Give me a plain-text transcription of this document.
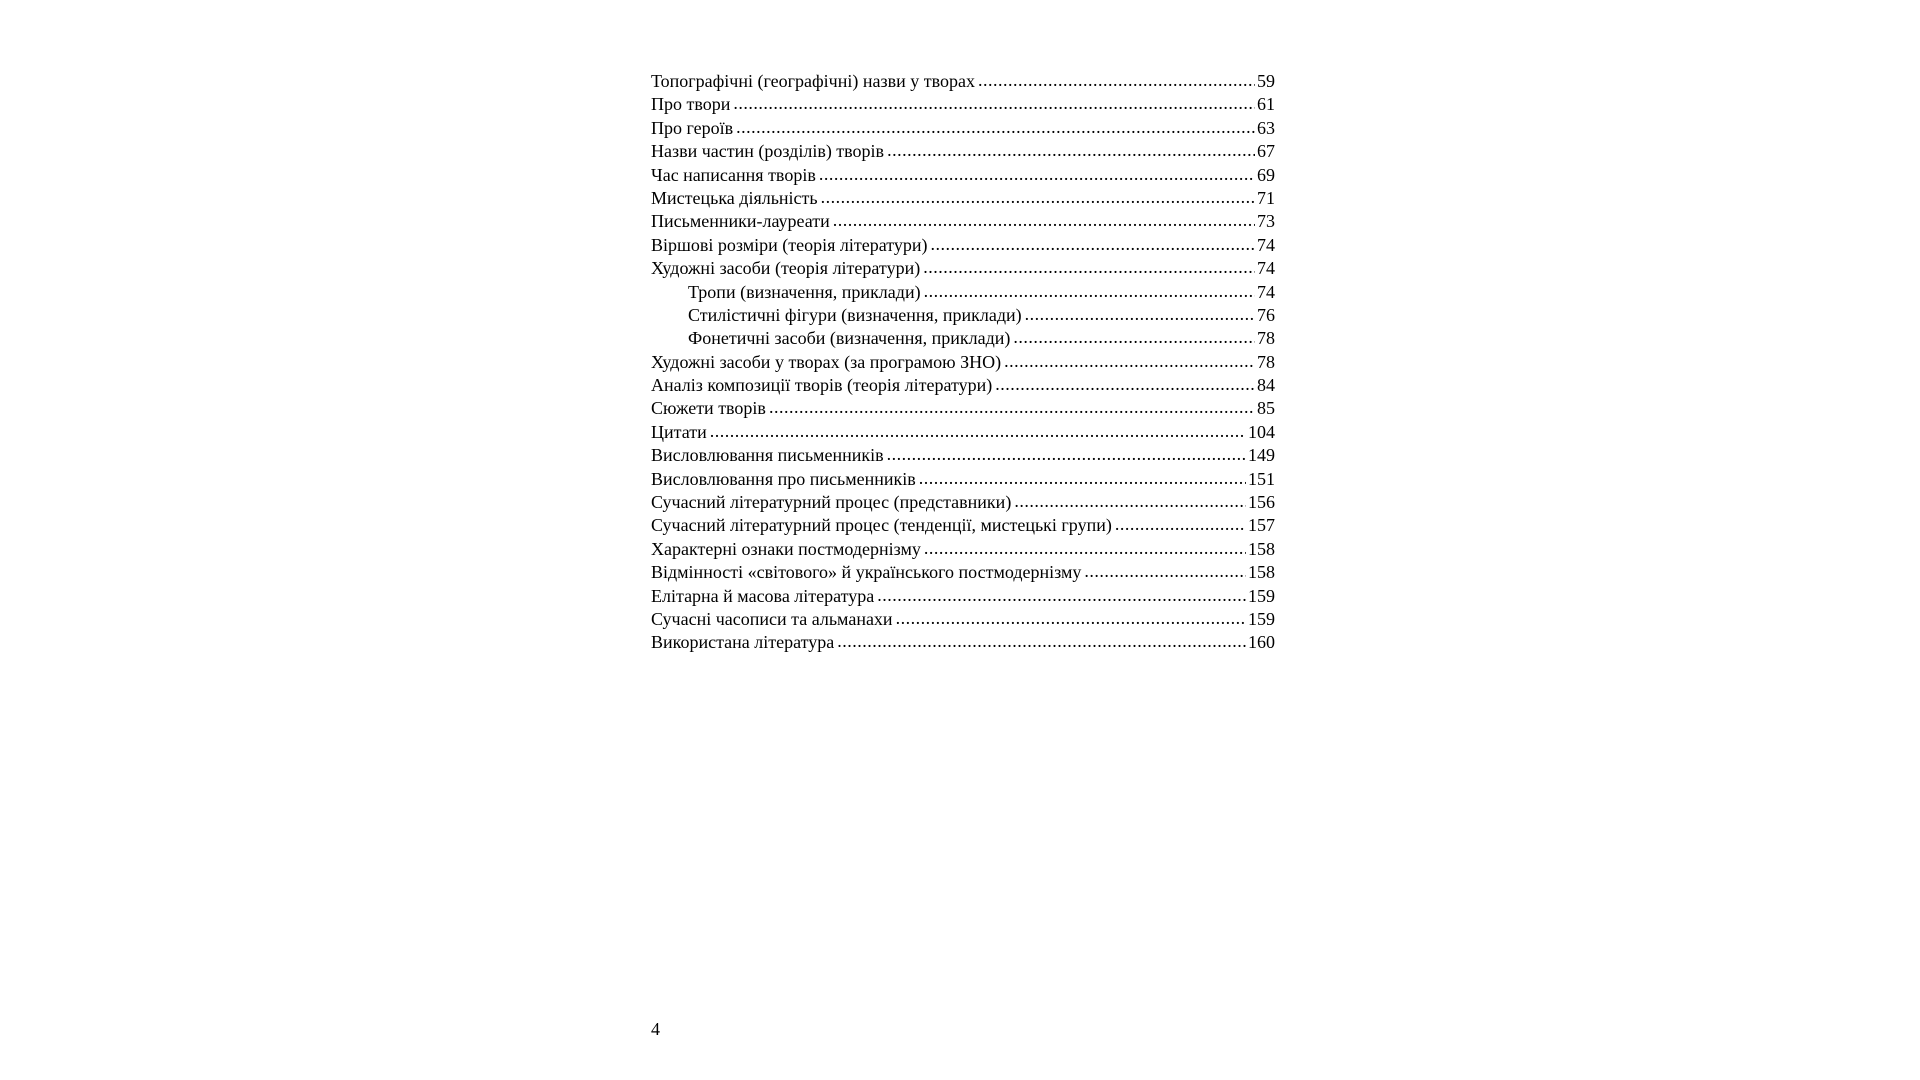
Топографічні (географічні) назви у творах .....	59
Про твори .....	61
Про героїв .....	63
Назви частин (розділів) творів .....	67
Час написання творів .....	69
Мистецька діяльність .....	71
Письменники-лауреати .....	73
Віршові розміри (теорія літератури) .....	74
Художні засоби (теорія літератури) .....	74
Тропи (визначення, приклади) .....	74
Стилістичні фігури (визначення, приклади) .....	76
Фонетичні засоби (визначення, приклади) .....	78
Художні засоби у творах (за програмою ЗНО) .....	78
Аналіз композиції творів (теорія літератури) .....	84
Сюжети творів .....	85
Цитати .....	104
Висловлювання письменників .....	149
Висловлювання про письменників .....	151
Сучасний літературний процес (представники) .....	156
Сучасний літературний процес (тенденції, мистецькі групи) .....	157
Характерні ознаки постмодернізму .....	158
Відмінності «світового» й українського постмодернізму .....	158
Елітарна й масова література .....	159
Сучасні часописи та альманахи .....	159
Використана література .....	160
4
